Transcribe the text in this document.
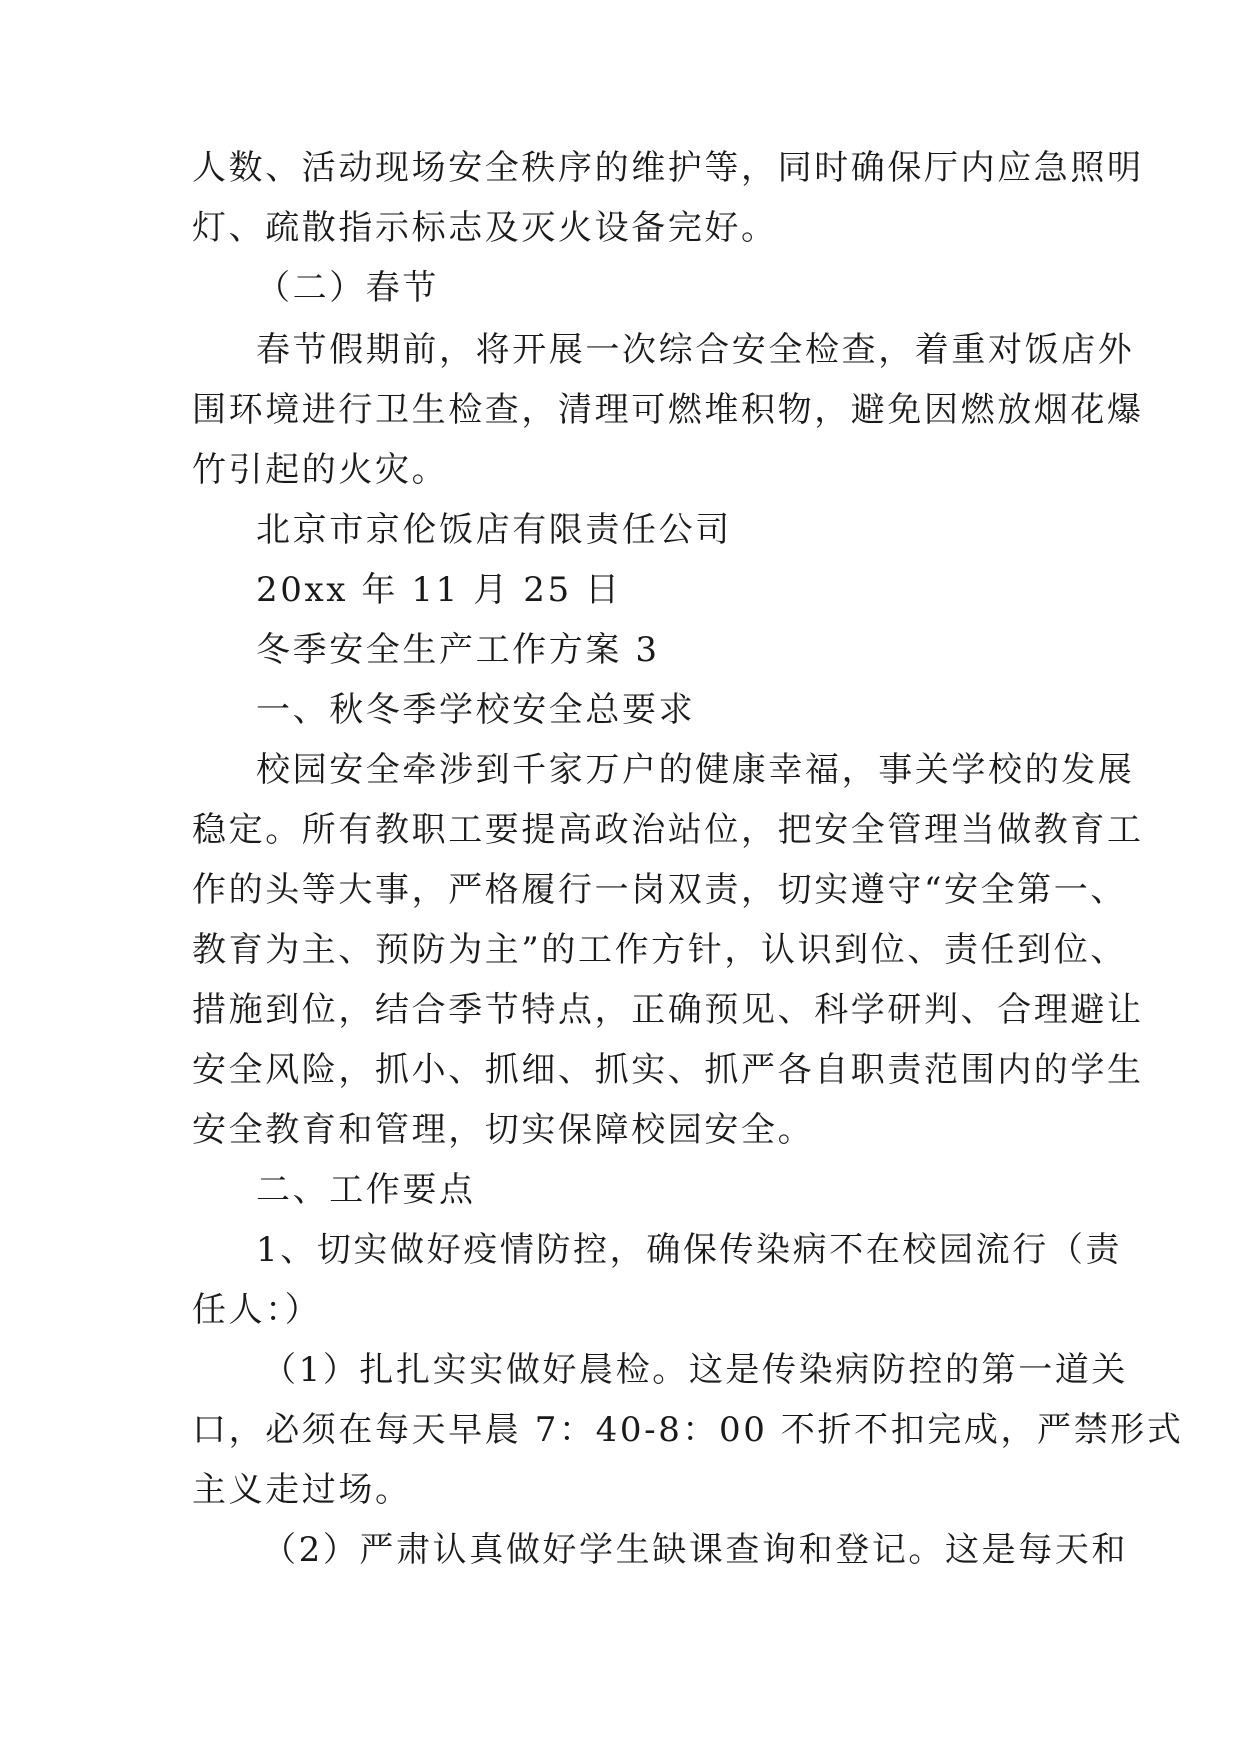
人数、活动现场安全秩序的维护等，同时确保厅内应急照明
灯、疏散指示标志及灭火设备完好。
（二）春节
春节假期前，将开展一次综合安全检查，着重对饭店外
围环境进行卫生检查，清理可燃堆积物，避免因燃放烟花爆
竹引起的火灾。
北京市京伦饭店有限责任公司
20xx 年 11 月 25 日
冬季安全生产工作方案 3
一、秋冬季学校安全总要求
校园安全牵涉到千家万户的健康幸福，事关学校的发展
稳定。所有教职工要提高政治站位，把安全管理当做教育工
作的头等大事，严格履行一岗双责，切实遵守“安全第一、
教育为主、预防为主”的工作方针，认识到位、责任到位、
措施到位，结合季节特点，正确预见、科学研判、合理避让
安全风险，抓小、抓细、抓实、抓严各自职责范围内的学生
安全教育和管理，切实保障校园安全。
二、工作要点
1、切实做好疫情防控，确保传染病不在校园流行（责
任人：）
（1）扎扎实实做好晨检。这是传染病防控的第一道关
口，必须在每天早晨 7：40-8：00 不折不扣完成，严禁形式
主义走过场。
（2）严肃认真做好学生缺课查询和登记。这是每天和
